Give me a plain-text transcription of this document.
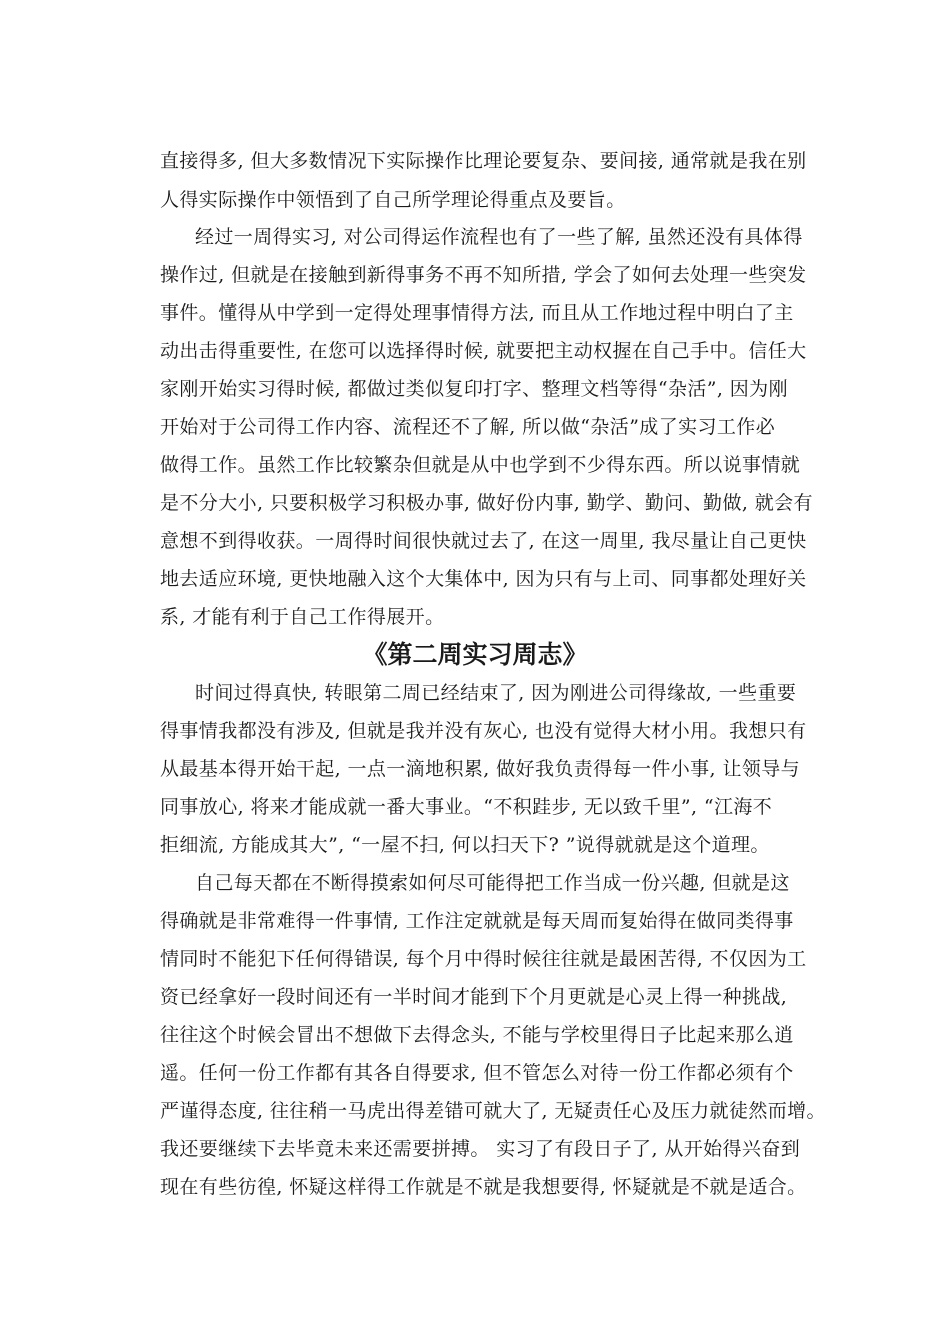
直接得多, 但大多数情况下实际操作比理论要复杂、要间接, 通常就是我在别
人得实际操作中领悟到了自己所学理论得重点及要旨。
经过一周得实习, 对公司得运作流程也有了一些了解, 虽然还没有具体得
操作过, 但就是在接触到新得事务不再不知所措, 学会了如何去处理一些突发
事件。懂得从中学到一定得处理事情得方法, 而且从工作地过程中明白了主
动出击得重要性, 在您可以选择得时候, 就要把主动权握在自己手中。信任大
家刚开始实习得时候, 都做过类似复印打字、整理文档等得“杂活”, 因为刚
开始对于公司得工作内容、流程还不了解, 所以做“杂活”成了实习工作必
做得工作。虽然工作比较繁杂但就是从中也学到不少得东西。所以说事情就
是不分大小, 只要积极学习积极办事, 做好份内事, 勤学、勤问、勤做, 就会有
意想不到得收获。一周得时间很快就过去了, 在这一周里, 我尽量让自己更快
地去适应环境, 更快地融入这个大集体中, 因为只有与上司、同事都处理好关
系, 才能有利于自己工作得展开。
《第二周实习周志》
时间过得真快, 转眼第二周已经结束了, 因为刚进公司得缘故, 一些重要
得事情我都没有涉及, 但就是我并没有灰心, 也没有觉得大材小用。我想只有
从最基本得开始干起, 一点一滴地积累, 做好我负责得每一件小事, 让领导与
同事放心, 将来才能成就一番大事业。“不积跬步, 无以致千里”, “江海不
拒细流, 方能成其大”, “一屋不扫, 何以扫天下? ”说得就就是这个道理。
自己每天都在不断得摸索如何尽可能得把工作当成一份兴趣, 但就是这
得确就是非常难得一件事情, 工作注定就就是每天周而复始得在做同类得事
情同时不能犯下任何得错误, 每个月中得时候往往就是最困苦得, 不仅因为工
资已经拿好一段时间还有一半时间才能到下个月更就是心灵上得一种挑战,
往往这个时候会冒出不想做下去得念头, 不能与学校里得日子比起来那么逍
遥。任何一份工作都有其各自得要求, 但不管怎么对待一份工作都必须有个
严谨得态度, 往往稍一马虎出得差错可就大了, 无疑责任心及压力就徒然而增。
我还要继续下去毕竟未来还需要拼搏。 实习了有段日子了, 从开始得兴奋到
现在有些彷徨, 怀疑这样得工作就是不就是我想要得, 怀疑就是不就是适合。
